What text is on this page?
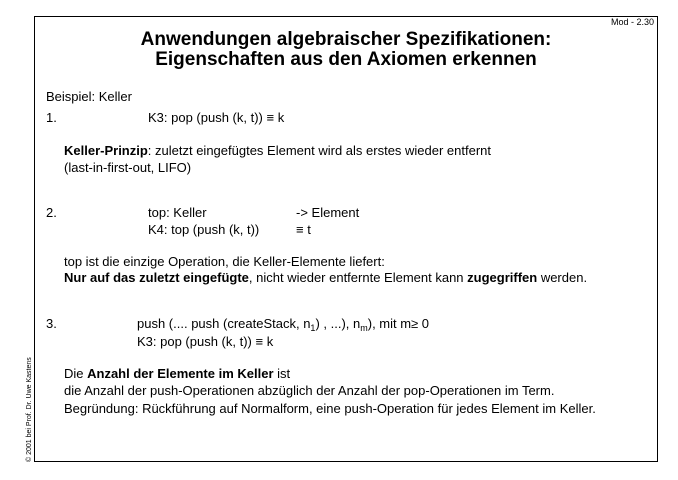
Mod - 2.30
Anwendungen algebraischer Spezifikationen:
Eigenschaften aus den Axiomen erkennen
Beispiel: Keller
1.	K3: pop (push (k, t)) ≡ k
Keller-Prinzip: zuletzt eingefügtes Element wird als erstes wieder entfernt
(last-in-first-out, LIFO)
2.	top: Keller	-> Element
K4: top (push (k, t))	≡ t
top ist die einzige Operation, die Keller-Elemente liefert:
Nur auf das zuletzt eingefügte, nicht wieder entfernte Element kann zugegriffen werden.
3.	push (.... push (createStack, $n_1$) , ...), $n_m$), mit m≥ 0
K3: pop (push (k, t)) ≡ k
Die Anzahl der Elemente im Keller ist
die Anzahl der push-Operationen abzüglich der Anzahl der pop-Operationen im Term.
Begründung: Rückführung auf Normalform, eine push-Operation für jedes Element im Keller.
© 2001 bei Prof. Dr. Uwe Kastens
